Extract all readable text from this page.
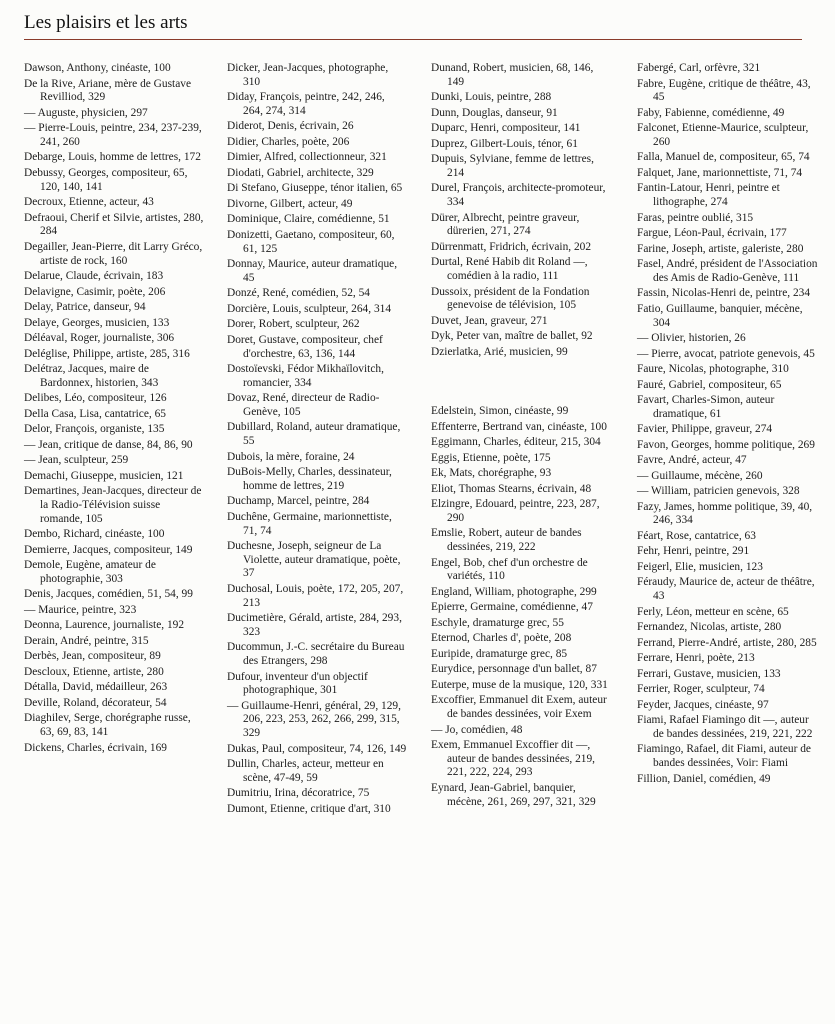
Les plaisirs et les arts

Dawson, Anthony, cinéaste, 100

De la Rive, Ariane, mère de Gustave Revilliod, 329

— Auguste, physicien, 297

— Pierre-Louis, peintre, 234, 237-239, 241, 260

Debarge, Louis, homme de lettres, 172

Debussy, Georges, compositeur, 65, 120, 140, 141

Decroux, Etienne, acteur, 43

Defraoui, Cherif et Silvie, artistes, 280, 284

Degailler, Jean-Pierre, dit Larry Gréco, artiste de rock, 160

Delarue, Claude, écrivain, 183

Delavigne, Casimir, poète, 206

Delay, Patrice, danseur, 94

Delaye, Georges, musicien, 133

Déléaval, Roger, journaliste, 306

Deléglise, Philippe, artiste, 285, 316

Delétraz, Jacques, maire de Bardonnex, historien, 343

Delibes, Léo, compositeur, 126

Della Casa, Lisa, cantatrice, 65

Delor, François, organiste, 135

— Jean, critique de danse, 84, 86, 90

— Jean, sculpteur, 259

Demachi, Giuseppe, musicien, 121

Demartines, Jean-Jacques, directeur de la Radio-Télévision suisse romande, 105

Dembo, Richard, cinéaste, 100

Demierre, Jacques, compositeur, 149

Demole, Eugène, amateur de photographie, 303

Denis, Jacques, comédien, 51, 54, 99

— Maurice, peintre, 323

Deonna, Laurence, journaliste, 192

Derain, André, peintre, 315

Derbès, Jean, compositeur, 89

Descloux, Etienne, artiste, 280

Détalla, David, médailleur, 263

Deville, Roland, décorateur, 54

Diaghilev, Serge, chorégraphe russe, 63, 69, 83, 141

Dickens, Charles, écrivain, 169

Dicker, Jean-Jacques, photographe, 310

Diday, François, peintre, 242, 246, 264, 274, 314

Diderot, Denis, écrivain, 26

Didier, Charles, poète, 206

Dimier, Alfred, collectionneur, 321

Diodati, Gabriel, architecte, 329

Di Stefano, Giuseppe, ténor italien, 65

Divorne, Gilbert, acteur, 49

Dominique, Claire, comédienne, 51

Donizetti, Gaetano, compositeur, 60, 61, 125

Donnay, Maurice, auteur dramatique, 45

Donzé, René, comédien, 52, 54

Dorcière, Louis, sculpteur, 264, 314

Dorer, Robert, sculpteur, 262

Doret, Gustave, compositeur, chef d'orchestre, 63, 136, 144

Dostoïevski, Fédor Mikhaïlovitch, romancier, 334

Dovaz, René, directeur de Radio-Genève, 105

Dubillard, Roland, auteur dramatique, 55

Dubois, la mère, foraine, 24

DuBois-Melly, Charles, dessinateur, homme de lettres, 219

Duchamp, Marcel, peintre, 284

Duchêne, Germaine, marionnettiste, 71, 74

Duchesne, Joseph, seigneur de La Violette, auteur dramatique, poète, 37

Duchosal, Louis, poète, 172, 205, 207, 213

Ducimetière, Gérald, artiste, 284, 293, 323

Ducommun, J.-C. secrétaire du Bureau des Etrangers, 298

Dufour, inventeur d'un objectif photographique, 301

— Guillaume-Henri, général, 29, 129, 206, 223, 253, 262, 266, 299, 315, 329

Dukas, Paul, compositeur, 74, 126, 149

Dullin, Charles, acteur, metteur en scène, 47-49, 59

Dumitriu, Irina, décoratrice, 75

Dumont, Etienne, critique d'art, 310

Dunand, Robert, musicien, 68, 146, 149

Dunki, Louis, peintre, 288

Dunn, Douglas, danseur, 91

Duparc, Henri, compositeur, 141

Duprez, Gilbert-Louis, ténor, 61

Dupuis, Sylviane, femme de lettres, 214

Durel, François, architecte-promoteur, 334

Dürer, Albrecht, peintre graveur, dürerien, 271, 274

Dürrenmatt, Fridrich, écrivain, 202

Durtal, René Habib dit Roland —, comédien à la radio, 111

Dussoix, président de la Fondation genevoise de télévision, 105

Duvet, Jean, graveur, 271

Dyk, Peter van, maître de ballet, 92

Dzierlatka, Arié, musicien, 99

Edelstein, Simon, cinéaste, 99

Effenterre, Bertrand van, cinéaste, 100

Eggimann, Charles, éditeur, 215, 304

Eggis, Etienne, poète, 175

Ek, Mats, chorégraphe, 93

Eliot, Thomas Stearns, écrivain, 48

Elzingre, Edouard, peintre, 223, 287, 290

Emslie, Robert, auteur de bandes dessinées, 219, 222

Engel, Bob, chef d'un orchestre de variétés, 110

England, William, photographe, 299

Epierre, Germaine, comédienne, 47

Eschyle, dramaturge grec, 55

Eternod, Charles d', poète, 208

Euripide, dramaturge grec, 85

Eurydice, personnage d'un ballet, 87

Euterpe, muse de la musique, 120, 331

Excoffier, Emmanuel dit Exem, auteur de bandes dessinées, voir Exem

— Jo, comédien, 48

Exem, Emmanuel Excoffier dit —, auteur de bandes dessinées, 219, 221, 222, 224, 293

Eynard, Jean-Gabriel, banquier, mécène, 261, 269, 297, 321, 329

Fabergé, Carl, orfèvre, 321

Fabre, Eugène, critique de théâtre, 43, 45

Faby, Fabienne, comédienne, 49

Falconet, Etienne-Maurice, sculpteur, 260

Falla, Manuel de, compositeur, 65, 74

Falquet, Jane, marionnettiste, 71, 74

Fantin-Latour, Henri, peintre et lithographe, 274

Faras, peintre oublié, 315

Fargue, Léon-Paul, écrivain, 177

Farine, Joseph, artiste, galeriste, 280

Fasel, André, président de l'Association des Amis de Radio-Genève, 111

Fassin, Nicolas-Henri de, peintre, 234

Fatio, Guillaume, banquier, mécène, 304

— Olivier, historien, 26

— Pierre, avocat, patriote genevois, 45

Faure, Nicolas, photographe, 310

Fauré, Gabriel, compositeur, 65

Favart, Charles-Simon, auteur dramatique, 61

Favier, Philippe, graveur, 274

Favon, Georges, homme politique, 269

Favre, André, acteur, 47

— Guillaume, mécène, 260

— William, patricien genevois, 328

Fazy, James, homme politique, 39, 40, 246, 334

Féart, Rose, cantatrice, 63

Fehr, Henri, peintre, 291

Feigerl, Elie, musicien, 123

Féraudy, Maurice de, acteur de théâtre, 43

Ferly, Léon, metteur en scène, 65

Fernandez, Nicolas, artiste, 280

Ferrand, Pierre-André, artiste, 280, 285

Ferrare, Henri, poète, 213

Ferrari, Gustave, musicien, 133

Ferrier, Roger, sculpteur, 74

Feyder, Jacques, cinéaste, 97

Fiami, Rafael Fiamingo dit —, auteur de bandes dessinées, 219, 221, 222

Fiamingo, Rafael, dit Fiami, auteur de bandes dessinées, Voir: Fiami

Fillion, Daniel, comédien, 49
